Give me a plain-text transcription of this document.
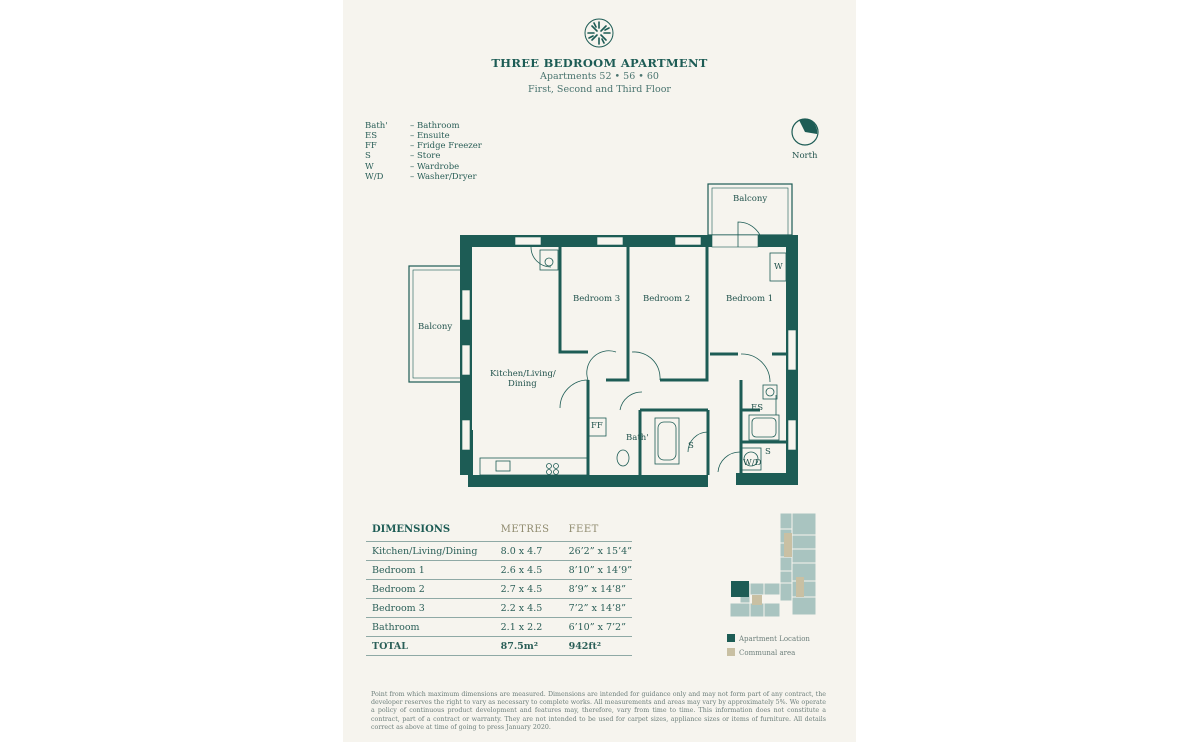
THREE BEDROOM APARTMENT
Apartments 52 • 56 • 60
First, Second and Third Floor
Bath'	– Bathroom
ES	– Ensuite
FF	– Fridge Freezer
S	– Store
W	– Wardrobe
W/D	– Washer/Dryer
North
Balcony
Balcony
Bedroom 3	Bedroom 2	Bedroom 1
Kitchen/Living/
Dining
FF
Bath'
S
ES
W
S
W/D
DIMENSIONS	METRES	FEET
Kitchen/Living/Dining	8.0 x 4.7	26’2” x 15’4”
Bedroom 1	2.6 x 4.5	8’10” x 14’9”
Bedroom 2	2.7 x 4.5	8’9” x 14’8”
Bedroom 3	2.2 x 4.5	7’2” x 14’8”
Bathroom	2.1 x 2.2	6’10” x 7’2”
TOTAL	87.5m²	942ft²
Apartment Location
Communal area
Point from which maximum dimensions are measured. Dimensions are intended for guidance only and may not form part of any contract, the developer reserves the right to vary as necessary to complete works. All measurements and areas may vary by approximately 5%. We operate a policy of continuous product development and features may, therefore, vary from time to time. This information does not constitute a contract, part of a contract or warranty. They are not intended to be used for carpet sizes, appliance sizes or items of furniture. All details correct as above at time of going to press January 2020.
